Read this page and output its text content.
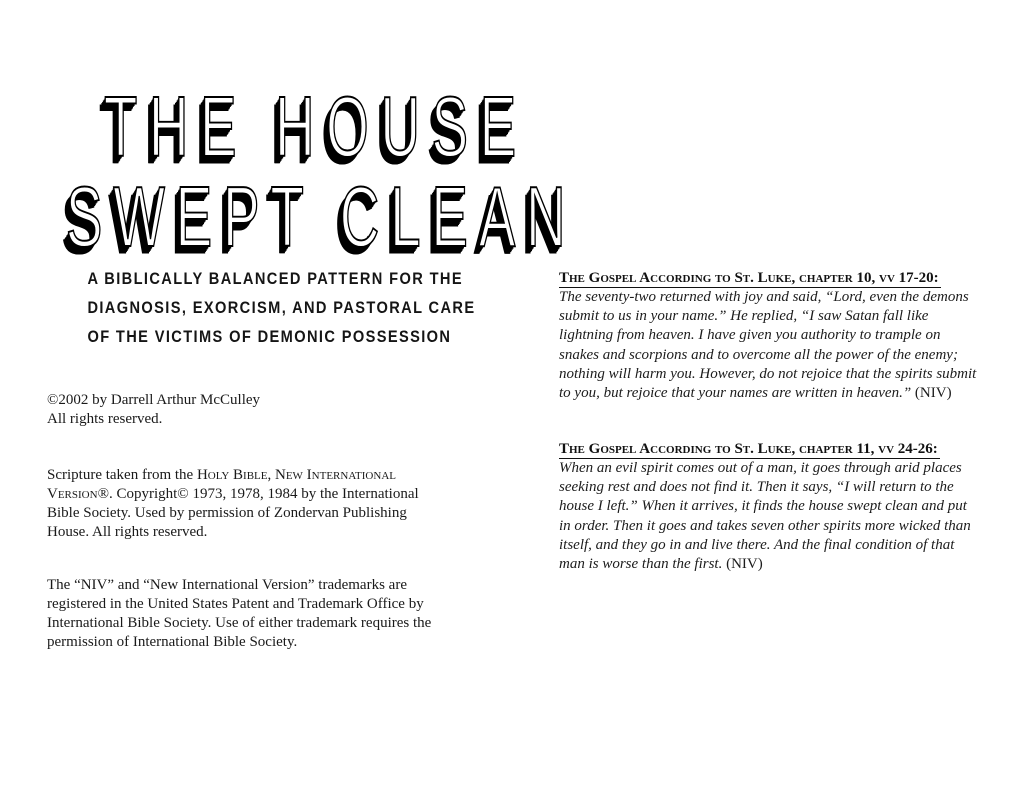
THE HOUSE
SWEPT CLEAN
A BIBLICALLY BALANCED PATTERN FOR THE
DIAGNOSIS, EXORCISM, AND PASTORAL CARE
OF THE VICTIMS OF DEMONIC POSSESSION
©2002 by Darrell Arthur McCulley
All rights reserved.
Scripture taken from the Holy Bible, New International
Version®. Copyright© 1973, 1978, 1984 by the International
Bible Society. Used by permission of Zondervan Publishing
House. All rights reserved.
The “NIV” and “New International Version” trademarks are
registered in the United States Patent and Trademark Office by
International Bible Society. Use of either trademark requires the
permission of International Bible Society.
The Gospel According to St. Luke, chapter 10, vv 17-20:
The seventy-two returned with joy and said, “Lord, even the demons
submit to us in your name.” He replied, “I saw Satan fall like
lightning from heaven. I have given you authority to trample on
snakes and scorpions and to overcome all the power of the enemy;
nothing will harm you. However, do not rejoice that the spirits submit
to you, but rejoice that your names are written in heaven.” (NIV)
The Gospel According to St. Luke, chapter 11, vv 24-26:
When an evil spirit comes out of a man, it goes through arid places
seeking rest and does not find it. Then it says, “I will return to the
house I left.” When it arrives, it finds the house swept clean and put
in order. Then it goes and takes seven other spirits more wicked than
itself, and they go in and live there. And the final condition of that
man is worse than the first. (NIV)
